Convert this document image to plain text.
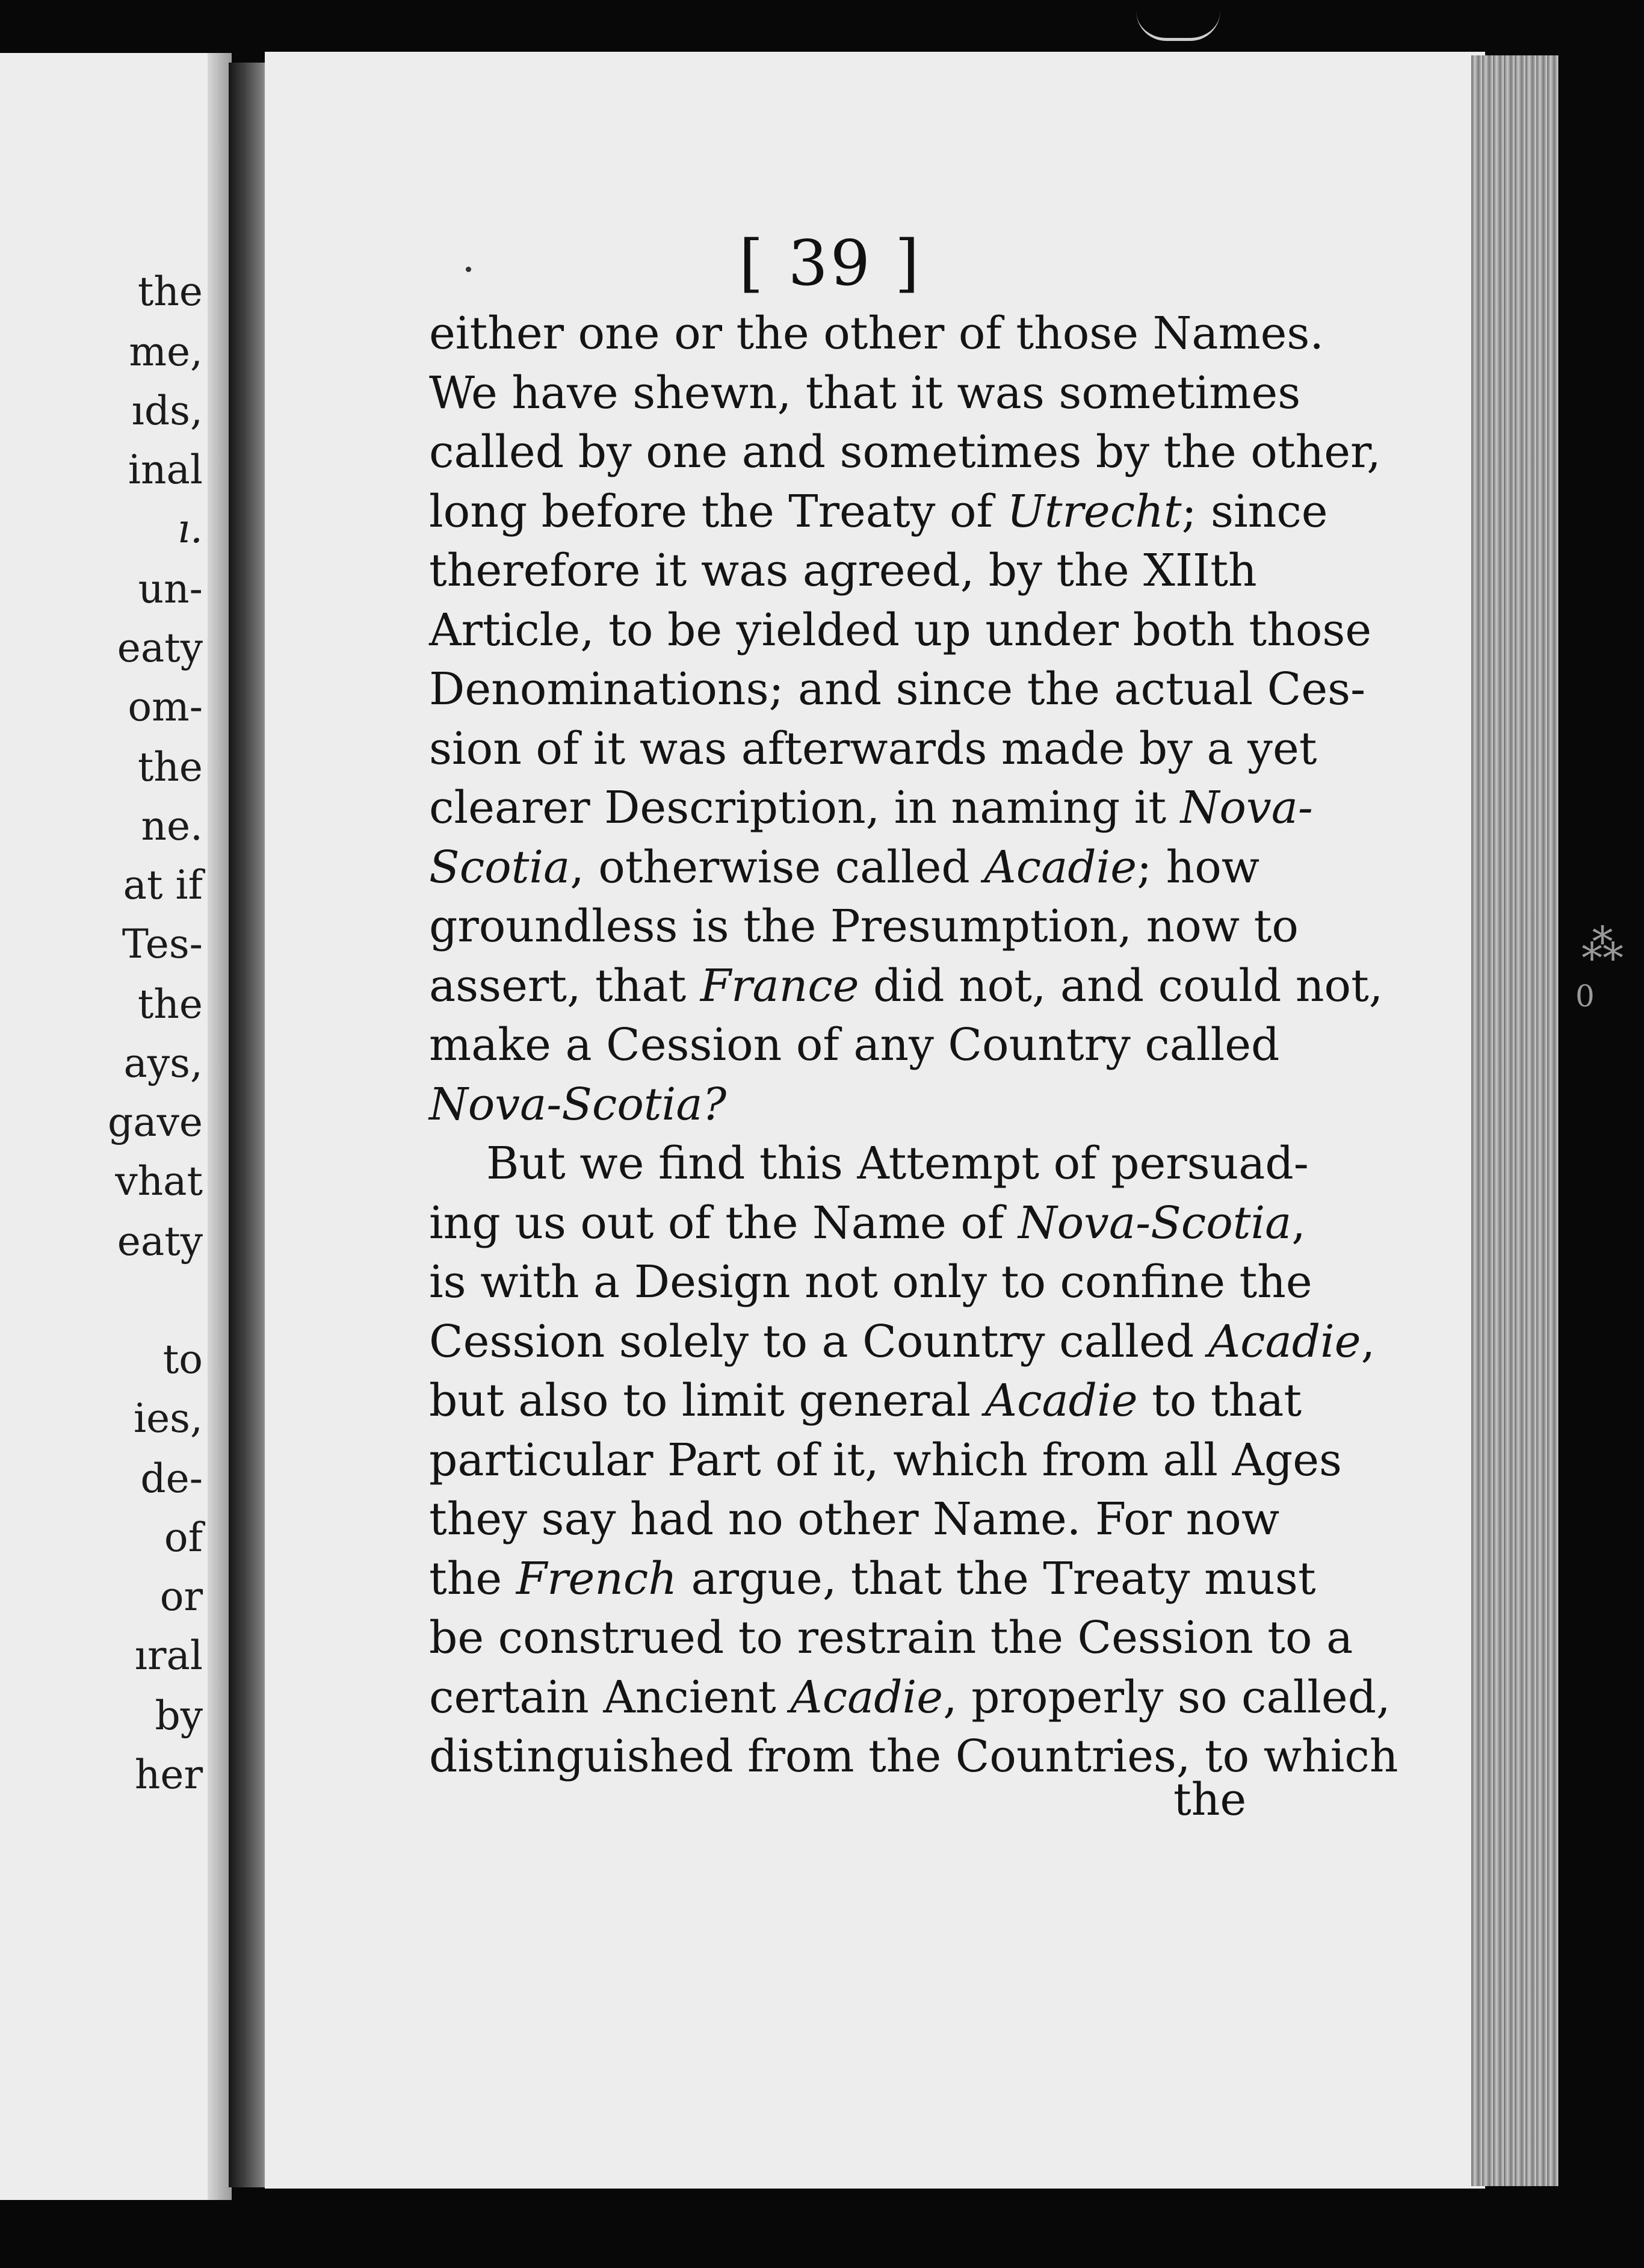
the
me,
ıds,
inal
ı.
un-
eaty
om-
the
ne.
at if
Tes-
the
ays,
gave
vhat
eaty
to
ies,
de-
of
or
ıral
by
her
⁂
0
[ 39 ]
either one or the other of those Names.
We have shewn, that it was sometimes
called by one and sometimes by the other,
long before the Treaty of Utrecht; since
therefore it was agreed, by the XIIth
Article, to be yielded up under both those
Denominations; and since the actual Ces-
sion of it was afterwards made by a yet
clearer Description, in naming it Nova-
Scotia, otherwise called Acadie; how
groundless is the Presumption, now to
assert, that France did not, and could not,
make a Cession of any Country called
Nova-Scotia?
But we find this Attempt of persuad-
ing us out of the Name of Nova-Scotia,
is with a Design not only to confine the
Cession solely to a Country called Acadie,
but also to limit general Acadie to that
particular Part of it, which from all Ages
they say had no other Name. For now
the French argue, that the Treaty must
be construed to restrain the Cession to a
certain Ancient Acadie, properly so called,
distinguished from the Countries, to which
the
